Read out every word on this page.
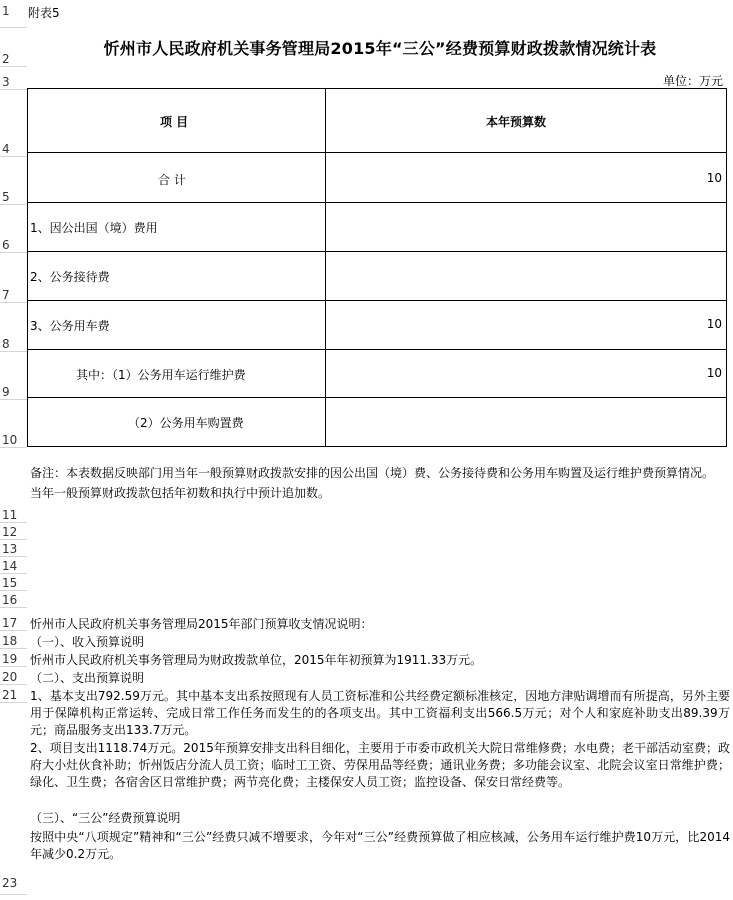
1
2
3
4
5
6
7
8
9
10
11
12
13
14
15
16
17
18
19
20
21
23
附表5
忻州市人民政府机关事务管理局2015年“三公”经费预算财政拨款情况统计表
单位：万元
项 目	本年预算数
合 计	10
1、因公出国（境）费用
2、公务接待费
3、公务用车费	10
其中：（1）公务用车运行维护费	10
（2）公务用车购置费
备注：本表数据反映部门用当年一般预算财政拨款安排的因公出国（境）费、公务接待费和公务用车购置及运行维护费预算情况。当年一般预算财政拨款包括年初数和执行中预计追加数。
忻州市人民政府机关事务管理局2015年部门预算收支情况说明：
（一）、收入预算说明
忻州市人民政府机关事务管理局为财政拨款单位，2015年年初预算为1911.33万元。
（二）、支出预算说明
1、基本支出792.59万元。其中基本支出系按照现有人员工资标准和公共经费定额标准核定，因地方津贴调增而有所提高，另外主要用于保障机构正常运转、完成日常工作任务而发生的的各项支出。其中工资福利支出566.5万元；对个人和家庭补助支出89.39万元；商品服务支出133.7万元。
2、项目支出1118.74万元。2015年预算安排支出科目细化，主要用于市委市政机关大院日常维修费；水电费；老干部活动室费；政府大小灶伙食补助；忻州饭店分流人员工资；临时工工资、劳保用品等经费；通讯业务费；多功能会议室、北院会议室日常维护费；绿化、卫生费；各宿舍区日常维护费；两节亮化费；主楼保安人员工资；监控设备、保安日常经费等。
（三）、“三公”经费预算说明
按照中央“八项规定”精神和“三公”经费只减不增要求，今年对“三公”经费预算做了相应核减，公务用车运行维护费10万元，比2014年减少0.2万元。
